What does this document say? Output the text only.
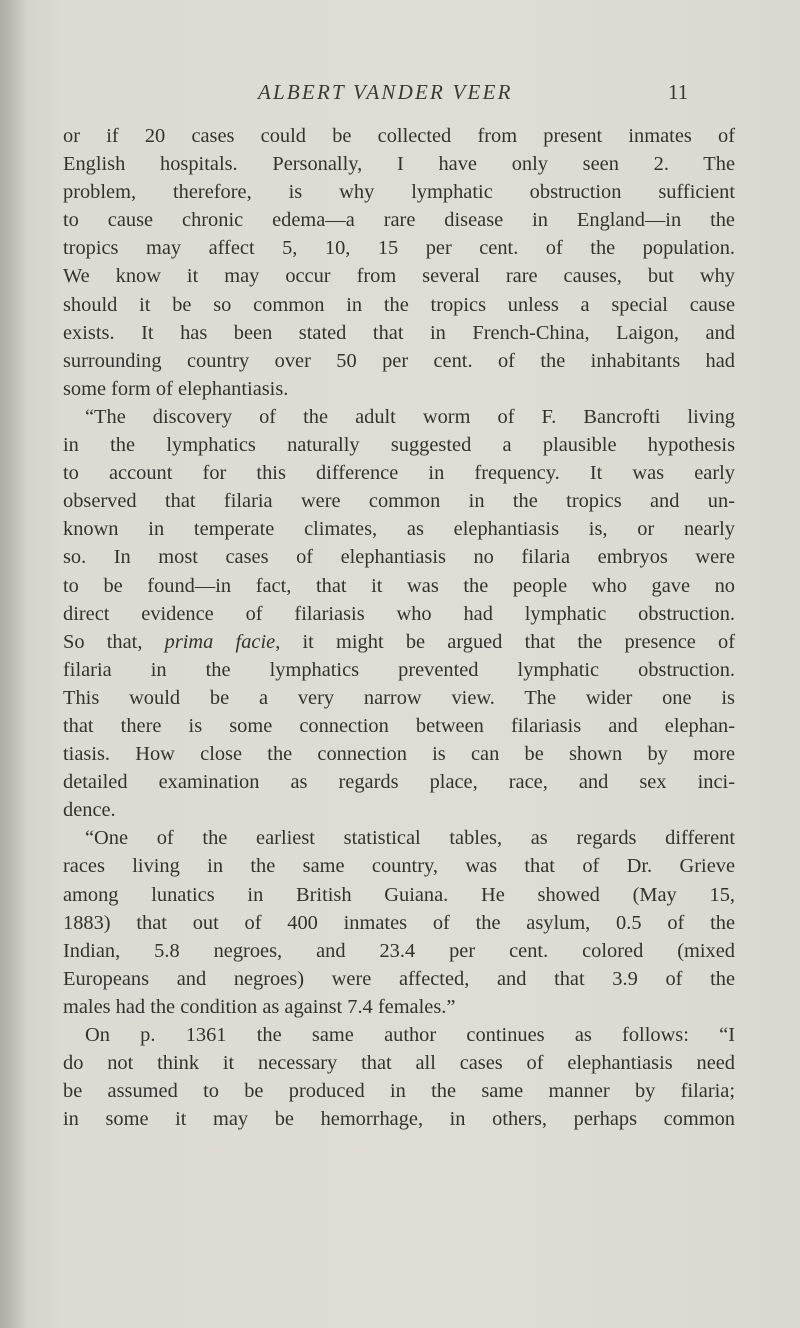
ALBERT VANDER VEER	11
or if 20 cases could be collected from present inmates of
English hospitals. Personally, I have only seen 2. The
problem, therefore, is why lymphatic obstruction sufficient
to cause chronic edema—a rare disease in England—in the
tropics may affect 5, 10, 15 per cent. of the population.
We know it may occur from several rare causes, but why
should it be so common in the tropics unless a special cause
exists. It has been stated that in French-China, Laigon, and
surrounding country over 50 per cent. of the inhabitants had
some form of elephantiasis.
“The discovery of the adult worm of F. Bancrofti living
in the lymphatics naturally suggested a plausible hypothesis
to account for this difference in frequency. It was early
observed that filaria were common in the tropics and un-
known in temperate climates, as elephantiasis is, or nearly
so. In most cases of elephantiasis no filaria embryos were
to be found—in fact, that it was the people who gave no
direct evidence of filariasis who had lymphatic obstruction.
So that, prima facie, it might be argued that the presence of
filaria in the lymphatics prevented lymphatic obstruction.
This would be a very narrow view. The wider one is
that there is some connection between filariasis and elephan-
tiasis. How close the connection is can be shown by more
detailed examination as regards place, race, and sex inci-
dence.
“One of the earliest statistical tables, as regards different
races living in the same country, was that of Dr. Grieve
among lunatics in British Guiana. He showed (May 15,
1883) that out of 400 inmates of the asylum, 0.5 of the
Indian, 5.8 negroes, and 23.4 per cent. colored (mixed
Europeans and negroes) were affected, and that 3.9 of the
males had the condition as against 7.4 females.”
On p. 1361 the same author continues as follows: “I
do not think it necessary that all cases of elephantiasis need
be assumed to be produced in the same manner by filaria;
in some it may be hemorrhage, in others, perhaps common
